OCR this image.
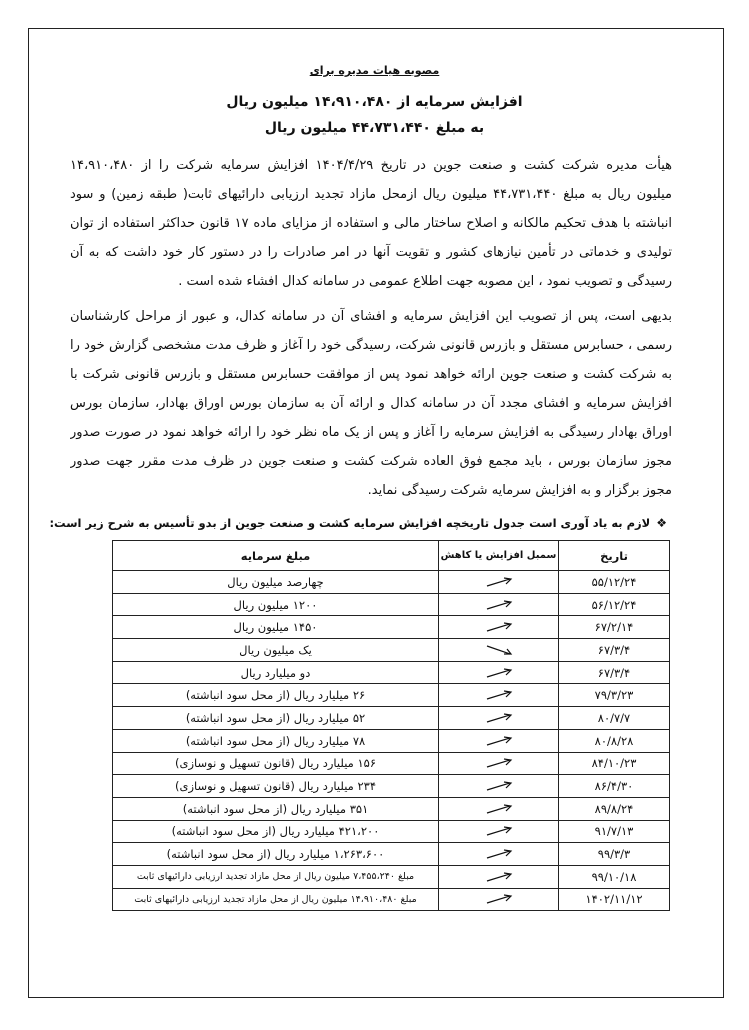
مصوبه هیات مدیره برای
افزایش سرمایه از ۱۴،۹۱۰،۴۸۰ میلیون ریال
به مبلغ ۴۴،۷۳۱،۴۴۰ میلیون ریال
هیأت مدیره شرکت کشت و صنعت جوین در تاریخ ۱۴۰۴/۴/۲۹ افزایش سرمایه شرکت را از ۱۴،۹۱۰،۴۸۰
میلیون ریال به مبلغ ۴۴،۷۳۱،۴۴۰ میلیون ریال ازمحل مازاد تجدید ارزیابی دارائیهای ثابت( طبقه زمین) و سود
انباشته با هدف تحکیم مالکانه و اصلاح ساختار مالی و استفاده از مزایای ماده ۱۷ قانون حداکثر استفاده از توان
تولیدی و خدماتی در تأمین نیازهای کشور و تقویت آنها در امر صادرات را در دستور کار خود داشت که به آن
رسیدگی و تصویب نمود ، این مصوبه جهت اطلاع عمومی در سامانه کدال افشاء شده است .
بدیهی است، پس از تصویب این افزایش سرمایه و افشای آن در سامانه کدال، و عبور از مراحل کارشناسان
رسمی ، حسابرس مستقل و بازرس قانونی شرکت، رسیدگی خود را آغاز و ظرف مدت مشخصی گزارش خود را
به شرکت کشت و صنعت جوین ارائه خواهد نمود پس از موافقت حسابرس مستقل و بازرس قانونی شرکت با
افزایش سرمایه و افشای مجدد آن در سامانه کدال و ارائه آن به سازمان بورس اوراق بهادار، سازمان بورس
اوراق بهادار رسیدگی به افزایش سرمایه را آغاز و پس از یک ماه نظر خود را ارائه خواهد نمود در صورت صدور
مجوز سازمان بورس ، باید مجمع فوق العاده شرکت کشت و صنعت جوین در ظرف مدت مقرر جهت صدور
مجوز برگزار و به افزایش سرمایه شرکت رسیدگی نماید.
❖لازم به یاد آوری است جدول تاریخچه افزایش سرمایه کشت و صنعت جوین از بدو تأسیس به شرح زیر است:
تاریخ	سمبل افزایش یا کاهش	مبلغ سرمایه
۵۵/۱۲/۲۴		چهارصد میلیون ریال
۵۶/۱۲/۲۴		۱۲۰۰ میلیون ریال
۶۷/۲/۱۴		۱۴۵۰ میلیون ریال
۶۷/۳/۴		یک میلیون ریال
۶۷/۳/۴		دو میلیارد ریال
۷۹/۳/۲۳		۲۶ میلیارد ریال (از محل سود انباشته)
۸۰/۷/۷		۵۲ میلیارد ریال (از محل سود انباشته)
۸۰/۸/۲۸		۷۸ میلیارد ریال (از محل سود انباشته)
۸۴/۱۰/۲۳		۱۵۶ میلیارد ریال (قانون تسهیل و نوسازی)
۸۶/۴/۳۰		۲۳۴ میلیارد ریال (قانون تسهیل و نوسازی)
۸۹/۸/۲۴		۳۵۱ میلیارد ریال (از محل سود انباشته)
۹۱/۷/۱۳		۴۲۱،۲۰۰ میلیارد ریال (از محل سود انباشته)
۹۹/۳/۳		۱،۲۶۳،۶۰۰ میلیارد ریال (از محل سود انباشته)
۹۹/۱۰/۱۸		مبلغ ۷،۴۵۵،۲۴۰ میلیون ریال از محل مازاد تجدید ارزیابی دارائیهای ثابت
۱۴۰۲/۱۱/۱۲		مبلغ ۱۴،۹۱۰،۴۸۰ میلیون ریال از محل مازاد تجدید ارزیابی دارائیهای ثابت
